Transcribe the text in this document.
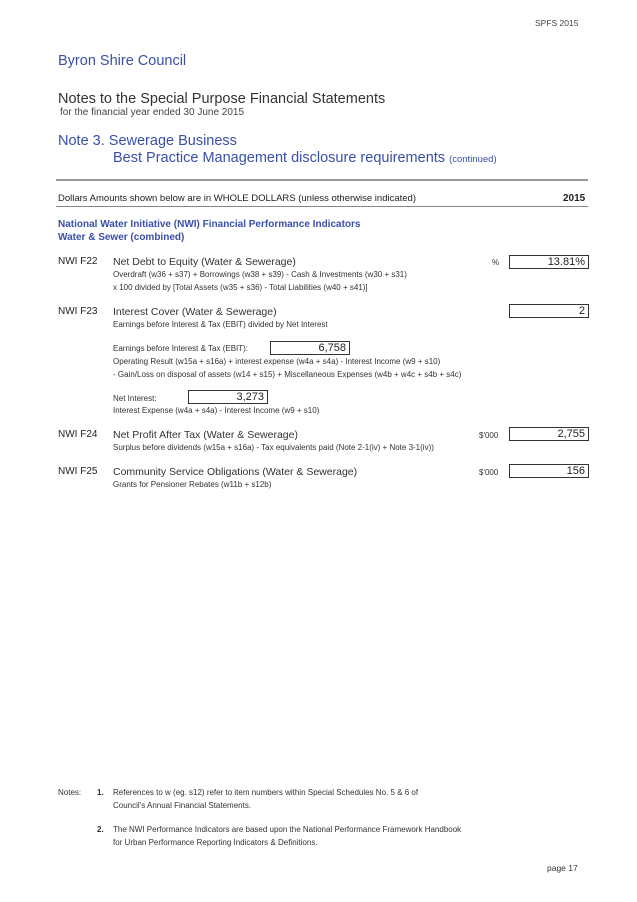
SPFS 2015
Byron Shire Council
Notes to the Special Purpose Financial Statements
for the financial year ended 30 June 2015
Note 3. Sewerage Business
Best Practice Management disclosure requirements (continued)
Dollars Amounts shown below are in WHOLE DOLLARS (unless otherwise indicated)	2015
National Water Initiative (NWI) Financial Performance Indicators
Water & Sewer (combined)
NWI F22 Net Debt to Equity (Water & Sewerage)	%	13.81%
Overdraft (w36 + s37) + Borrowings (w38 + s39) - Cash & Investments (w30 + s31)
x 100 divided by [Total Assets (w35 + s36) - Total Liabilities (w40 + s41)]
NWI F23 Interest Cover (Water & Sewerage)	2
Earnings before Interest & Tax (EBIT) divided by Net Interest
Earnings before Interest & Tax (EBIT):	6,758
Operating Result (w15a + s16a) + interest expense (w4a + s4a) - Interest Income (w9 + s10)
- Gain/Loss on disposal of assets (w14 + s15) + Miscellaneous Expenses (w4b + w4c + s4b + s4c)
Net Interest:	3,273
Interest Expense (w4a + s4a) - Interest Income (w9 + s10)
NWI F24 Net Profit After Tax (Water & Sewerage)	$'000	2,755
Surplus before dividends (w15a + s16a) - Tax equivalents paid (Note 2-1(iv) + Note 3-1(iv))
NWI F25 Community Service Obligations (Water & Sewerage)	$'000	156
Grants for Pensioner Rebates (w11b + s12b)
Notes: 1. References to w (eg. s12) refer to item numbers within Special Schedules No. 5 & 6 of
Council's Annual Financial Statements.
2. The NWI Performance Indicators are based upon the National Performance Framework Handbook
for Urban Performance Reporting Indicators & Definitions.
page 17
